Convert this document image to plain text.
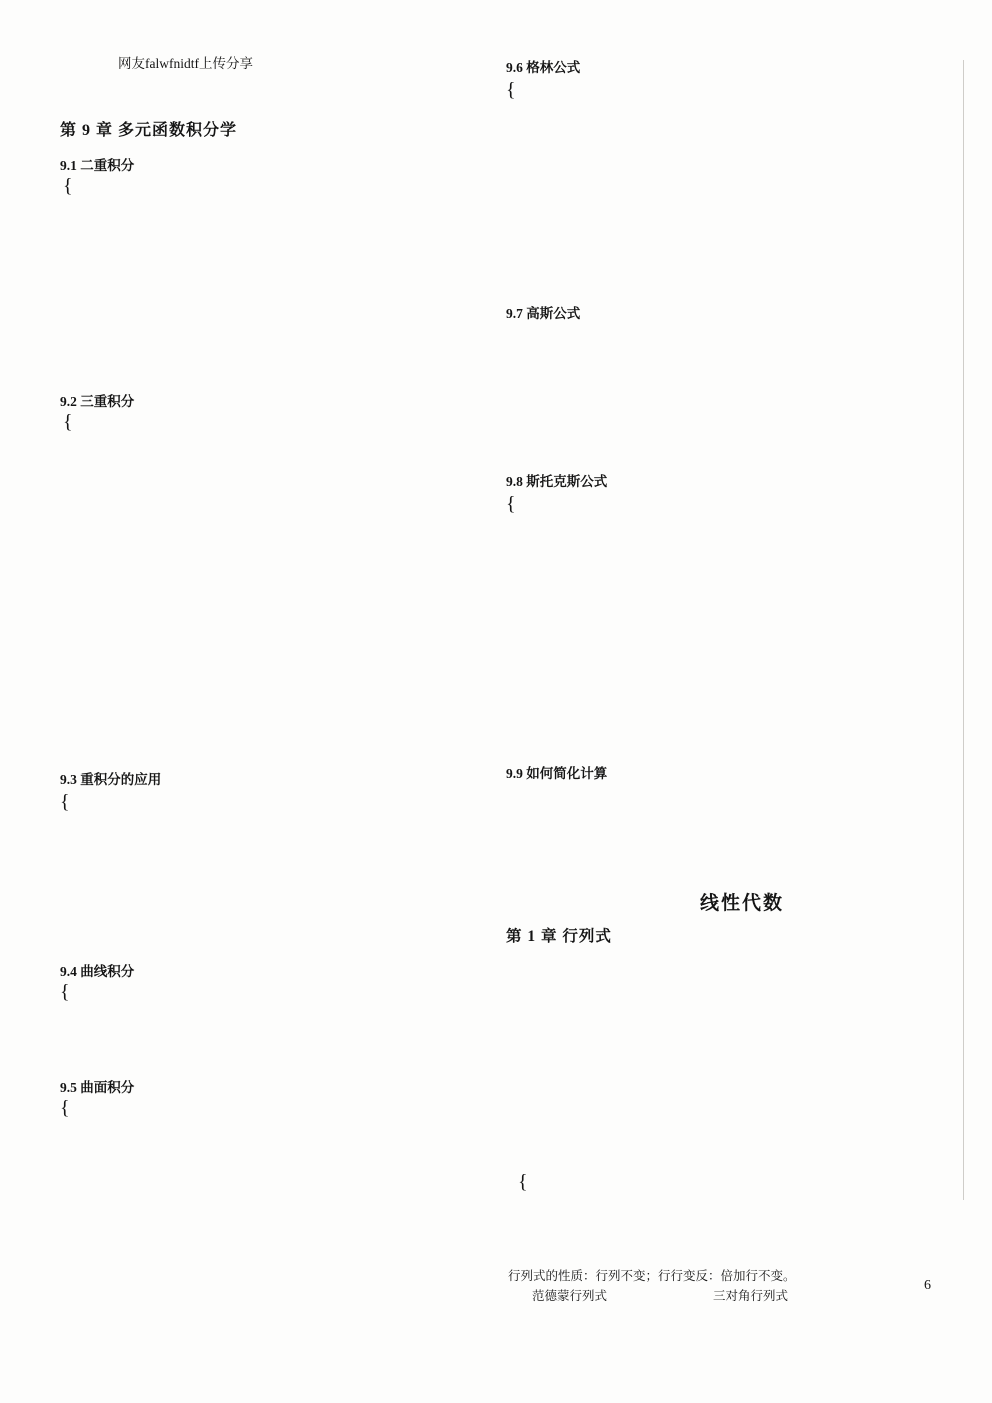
网友falwfnidtf上传分享
第 9 章 多元函数积分学
9.1 二重积分
{
9.2 三重积分
{
9.3 重积分的应用
{
9.4 曲线积分
{
9.5 曲面积分
{
9.6 格林公式
{
9.7 高斯公式
9.8 斯托克斯公式
{
9.9 如何简化计算
线性代数
第 1 章 行列式
{
行列式的性质：行列不变；行行变反：倍加行不变。
范德蒙行列式	三对角行列式
6
